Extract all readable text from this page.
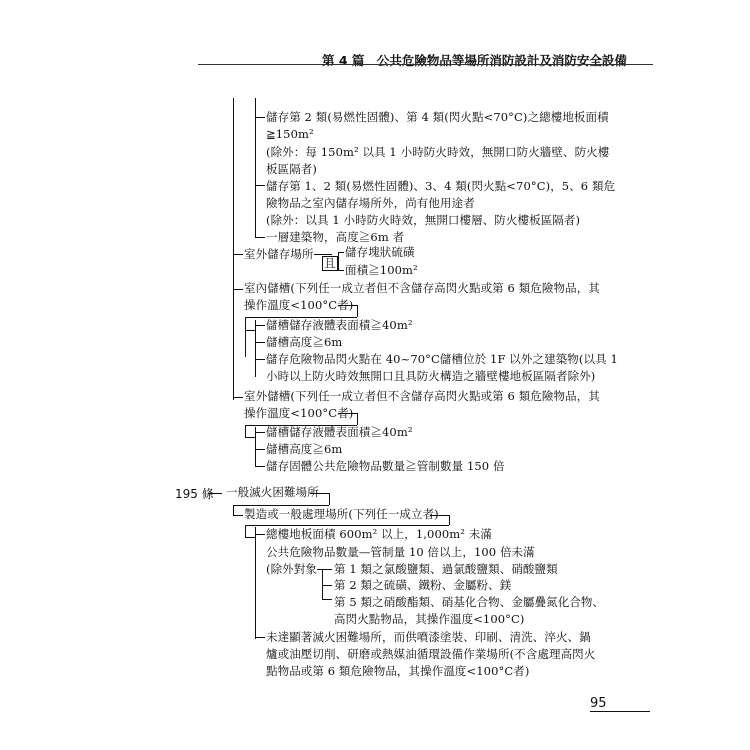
第 4 篇　公共危險物品等場所消防設計及消防安全設備
儲存第 2 類(易燃性固體)、第 4 類(閃火點<70°C)之總樓地板面積
≧150m²
(除外：每 150m² 以具 1 小時防火時效，無開口防火牆壁、防火樓
板區隔者)
儲存第 1、2 類(易燃性固體)、3、4 類(閃火點<70°C)，5、6 類危
險物品之室內儲存場所外，尚有他用途者
(除外：以具 1 小時防火時效，無開口樓層、防火樓板區隔者)
一層建築物，高度≧6m 者
室外儲存場所
且
儲存塊狀硫磺
面積≧100m²
室內儲槽(下列任一成立者但不含儲存高閃火點或第 6 類危險物品，其
操作溫度<100°C者)
儲槽儲存液體表面積≧40m²
儲槽高度≧6m
儲存危險物品閃火點在 40~70°C儲槽位於 1F 以外之建築物(以具 1
小時以上防火時效無開口且具防火構造之牆壁樓地板區隔者除外)
室外儲槽(下列任一成立者但不含儲存高閃火點或第 6 類危險物品，其
操作溫度<100°C者)
儲槽儲存液體表面積≧40m²
儲槽高度≧6m
儲存固體公共危險物品數量≧管制數量 150 倍
195 條 一般滅火困難場所
製造或一般處理場所(下列任一成立者)
總樓地板面積 600m² 以上，1,000m² 未滿
公共危險物品數量—管制量 10 倍以上，100 倍未滿
(除外對象 第 1 類之氯酸鹽類、過氯酸鹽類、硝酸鹽類
第 2 類之硫磺、鐵粉、金屬粉、鎂
第 5 類之硝酸酯類、硝基化合物、金屬疊氮化合物、
高閃火點物品，其操作溫度<100°C)
未達顯著滅火困難場所，而供噴漆塗裝、印刷、清洗、淬火、鍋
爐或油壓切削、研磨或熱媒油循環設備作業場所(不含處理高閃火
點物品或第 6 類危險物品，其操作溫度<100°C者)
95
